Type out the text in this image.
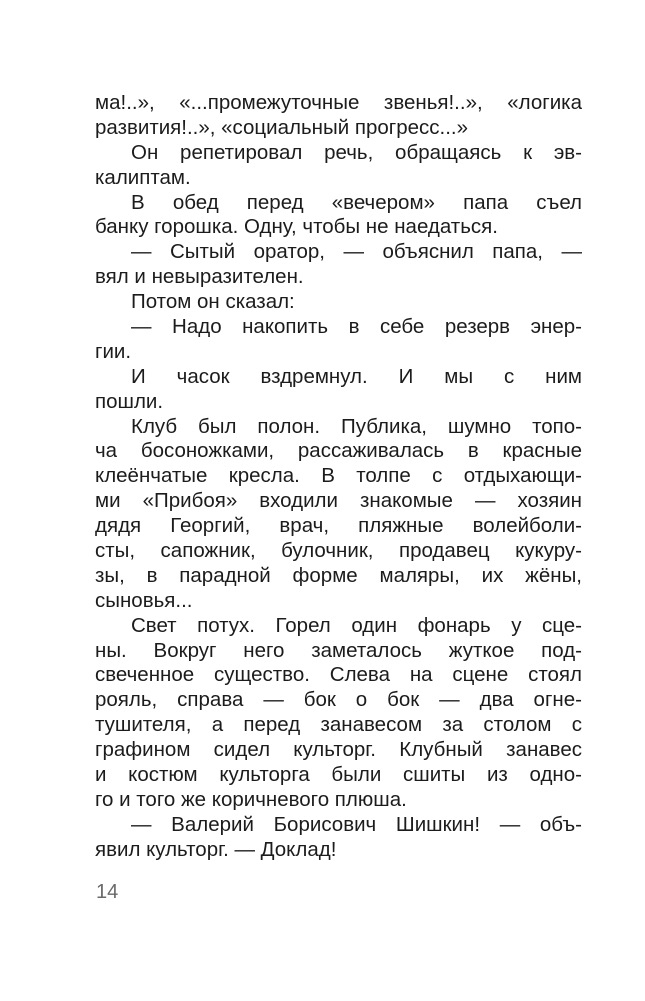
ма!..», «...промежуточные звенья!..», «логика
развития!..», «социальный прогресс...»
Он репетировал речь, обращаясь к эв-
калиптам.
В обед перед «вечером» папа съел
банку горошка. Одну, чтобы не наедаться.
— Сытый оратор, — объяснил папа, —
вял и невыразителен.
Потом он сказал:
— Надо накопить в себе резерв энер-
гии.
И часок вздремнул. И мы с ним
пошли.
Клуб был полон. Публика, шумно топо-
ча босоножками, рассаживалась в красные
клеёнчатые кресла. В толпе с отдыхающи-
ми «Прибоя» входили знакомые — хозяин
дядя Георгий, врач, пляжные волейболи-
сты, сапожник, булочник, продавец кукуру-
зы, в парадной форме маляры, их жёны,
сыновья...
Свет потух. Горел один фонарь у сце-
ны. Вокруг него заметалось жуткое под-
свеченное существо. Слева на сцене стоял
рояль, справа — бок о бок — два огне-
тушителя, а перед занавесом за столом с
графином сидел культорг. Клубный занавес
и костюм культорга были сшиты из одно-
го и того же коричневого плюша.
— Валерий Борисович Шишкин! — объ-
явил культорг. — Доклад!
14
